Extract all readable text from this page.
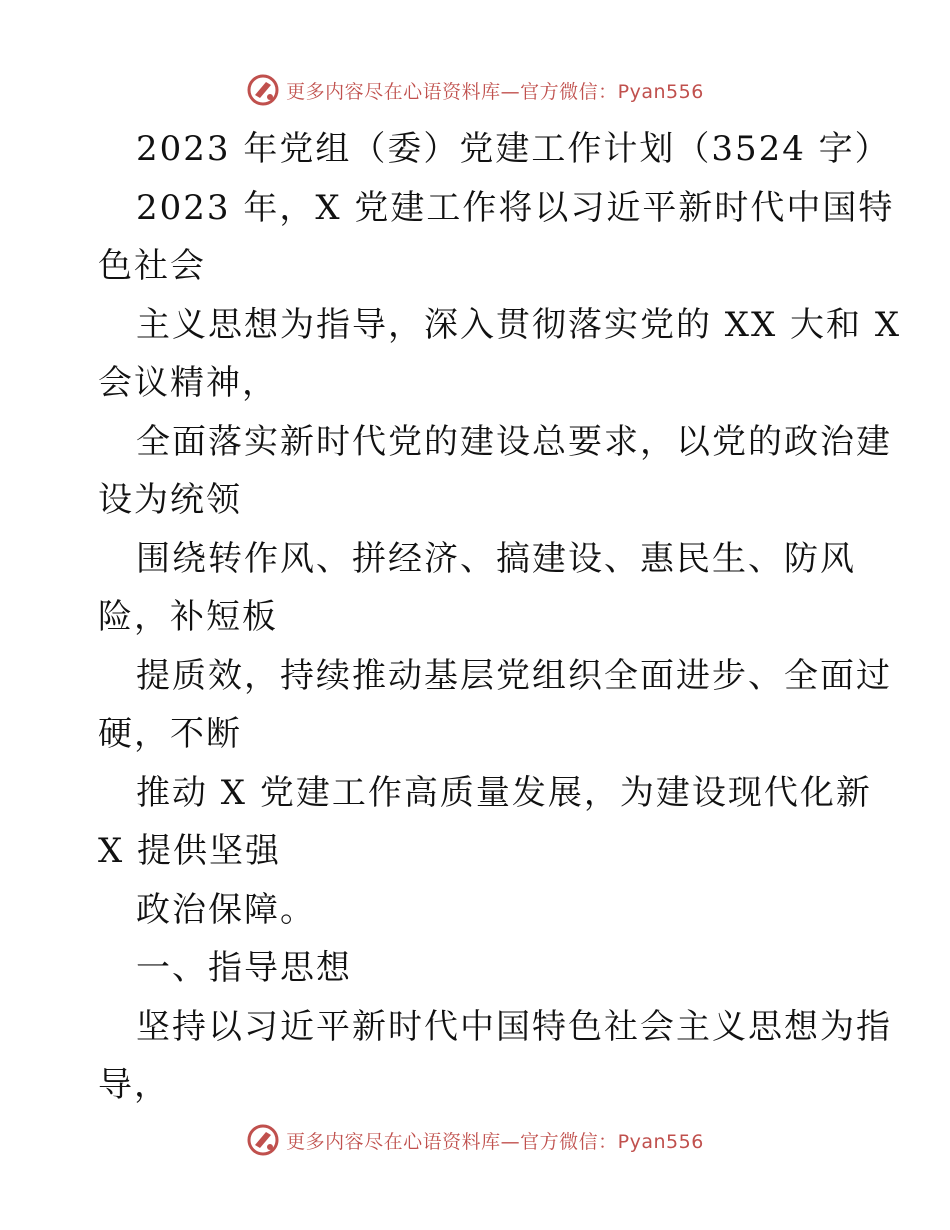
更多内容尽在心语资料库—官方微信：Pyan556
2023 年党组（委）党建工作计划（3524 字）
2023 年，X 党建工作将以习近平新时代中国特
色社会
主义思想为指导，深入贯彻落实党的 XX 大和 X
会议精神，
全面落实新时代党的建设总要求，以党的政治建
设为统领
围绕转作风、拼经济、搞建设、惠民生、防风
险，补短板
提质效，持续推动基层党组织全面进步、全面过
硬，不断
推动 X 党建工作高质量发展，为建设现代化新
X 提供坚强
政治保障。
一、指导思想
坚持以习近平新时代中国特色社会主义思想为指
导，
更多内容尽在心语资料库—官方微信：Pyan556
